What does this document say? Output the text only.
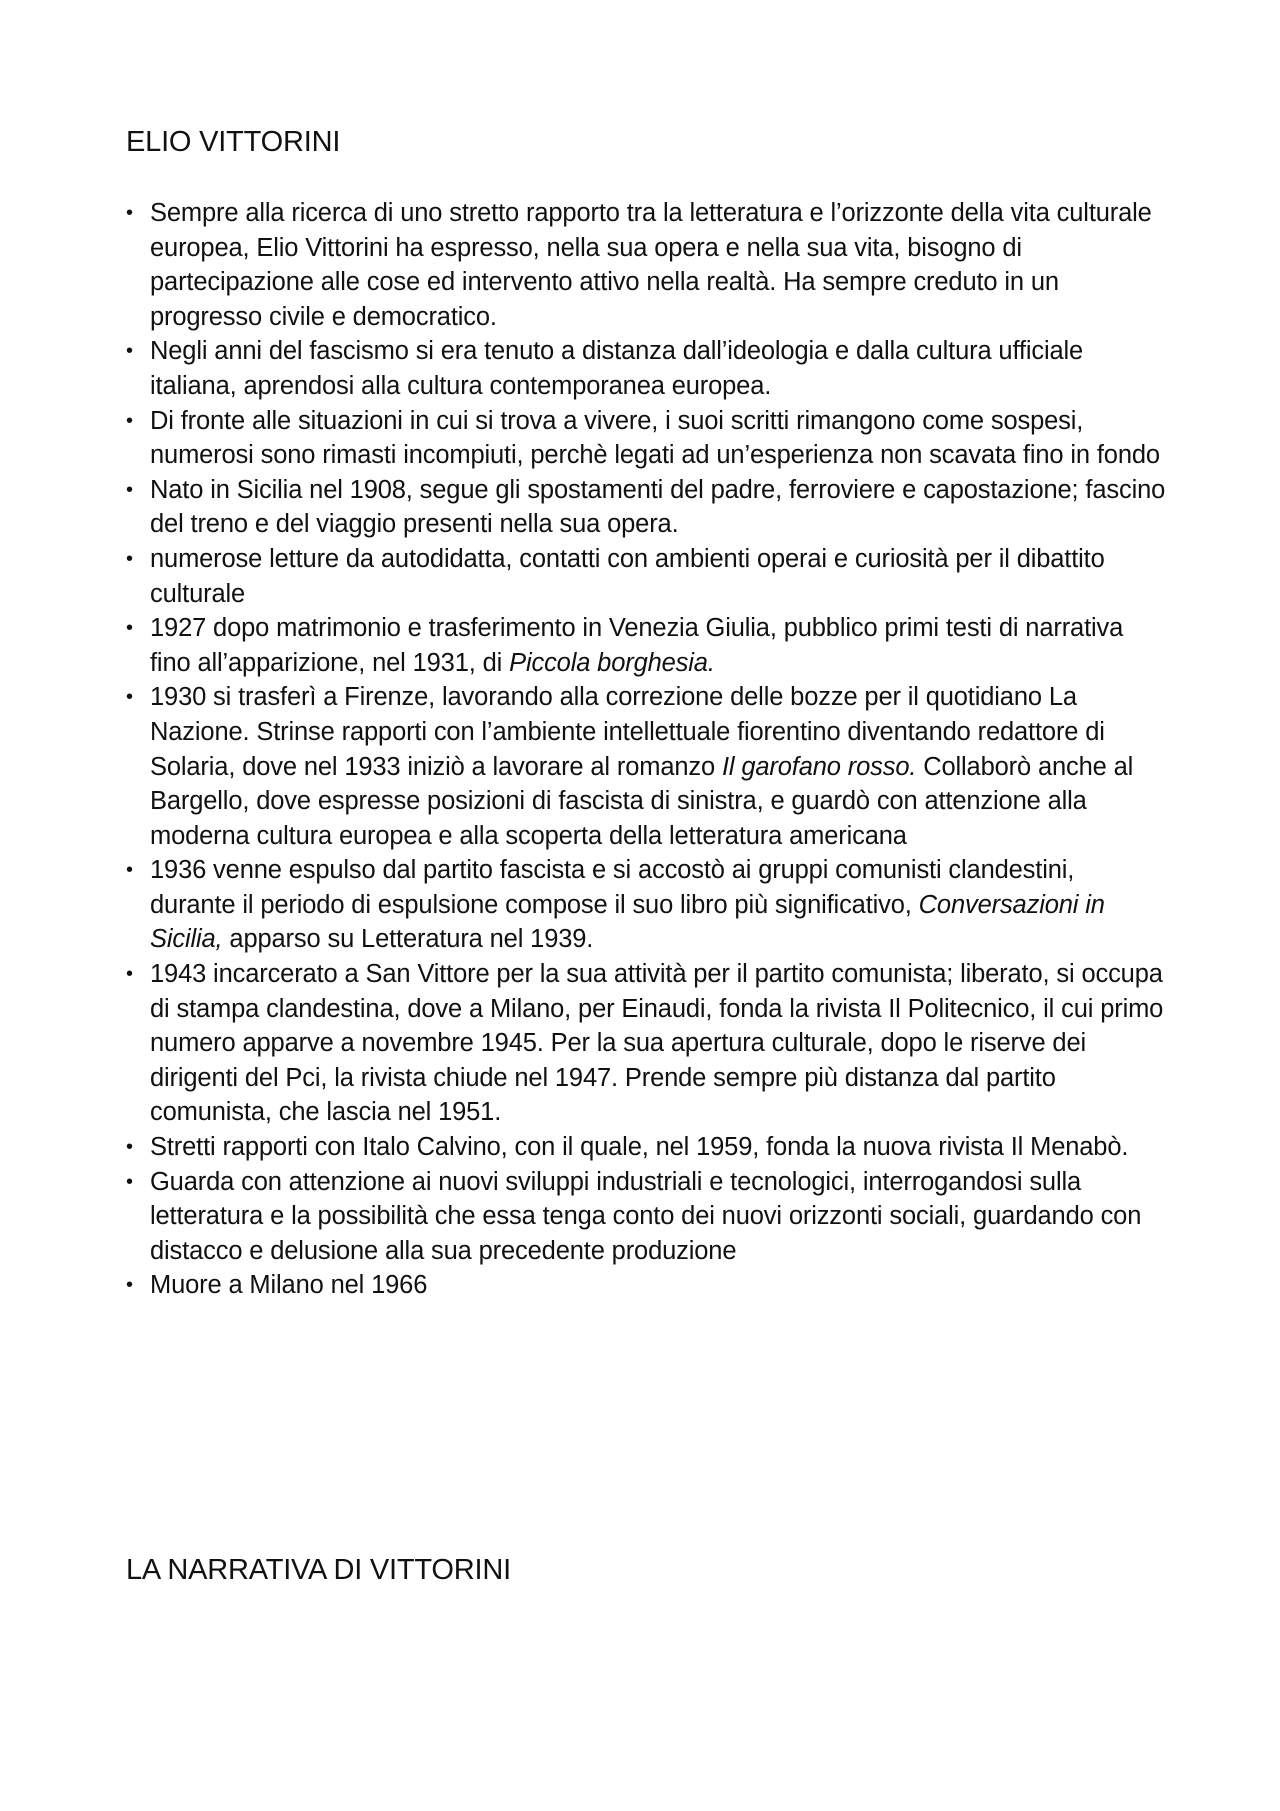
ELIO VITTORINI
• Sempre alla ricerca di uno stretto rapporto tra la letteratura e l’orizzonte della vita culturale europea, Elio Vittorini ha espresso, nella sua opera e nella sua vita, bisogno di partecipazione alle cose ed intervento attivo nella realtà. Ha sempre creduto in un progresso civile e democratico.
• Negli anni del fascismo si era tenuto a distanza dall’ideologia e dalla cultura ufficiale italiana, aprendosi alla cultura contemporanea europea.
• Di fronte alle situazioni in cui si trova a vivere, i suoi scritti rimangono come sospesi, numerosi sono rimasti incompiuti, perchè legati ad un’esperienza non scavata fino in fondo
• Nato in Sicilia nel 1908, segue gli spostamenti del padre, ferroviere e capostazione; fascino del treno e del viaggio presenti nella sua opera.
• numerose letture da autodidatta, contatti con ambienti operai e curiosità per il dibattito culturale
• 1927 dopo matrimonio e trasferimento in Venezia Giulia, pubblico primi testi di narrativa fino all’apparizione, nel 1931, di Piccola borghesia.
• 1930 si trasferì a Firenze, lavorando alla correzione delle bozze per il quotidiano La Nazione. Strinse rapporti con l’ambiente intellettuale fiorentino diventando redattore di Solaria, dove nel 1933 iniziò a lavorare al romanzo Il garofano rosso. Collaborò anche al Bargello, dove espresse posizioni di fascista di sinistra, e guardò con attenzione alla moderna cultura europea e alla scoperta della letteratura americana
• 1936 venne espulso dal partito fascista e si accostò ai gruppi comunisti clandestini, durante il periodo di espulsione compose il suo libro più significativo, Conversazioni in Sicilia, apparso su Letteratura nel 1939.
• 1943 incarcerato a San Vittore per la sua attività per il partito comunista; liberato, si occupa di stampa clandestina, dove a Milano, per Einaudi, fonda la rivista Il Politecnico, il cui primo numero apparve a novembre 1945. Per la sua apertura culturale, dopo le riserve dei dirigenti del Pci, la rivista chiude nel 1947. Prende sempre più distanza dal partito comunista, che lascia nel 1951.
• Stretti rapporti con Italo Calvino, con il quale, nel 1959, fonda la nuova rivista Il Menabò.
• Guarda con attenzione ai nuovi sviluppi industriali e tecnologici, interrogandosi sulla letteratura e la possibilità che essa tenga conto dei nuovi orizzonti sociali, guardando con distacco e delusione alla sua precedente produzione
• Muore a Milano nel 1966
LA NARRATIVA DI VITTORINI
